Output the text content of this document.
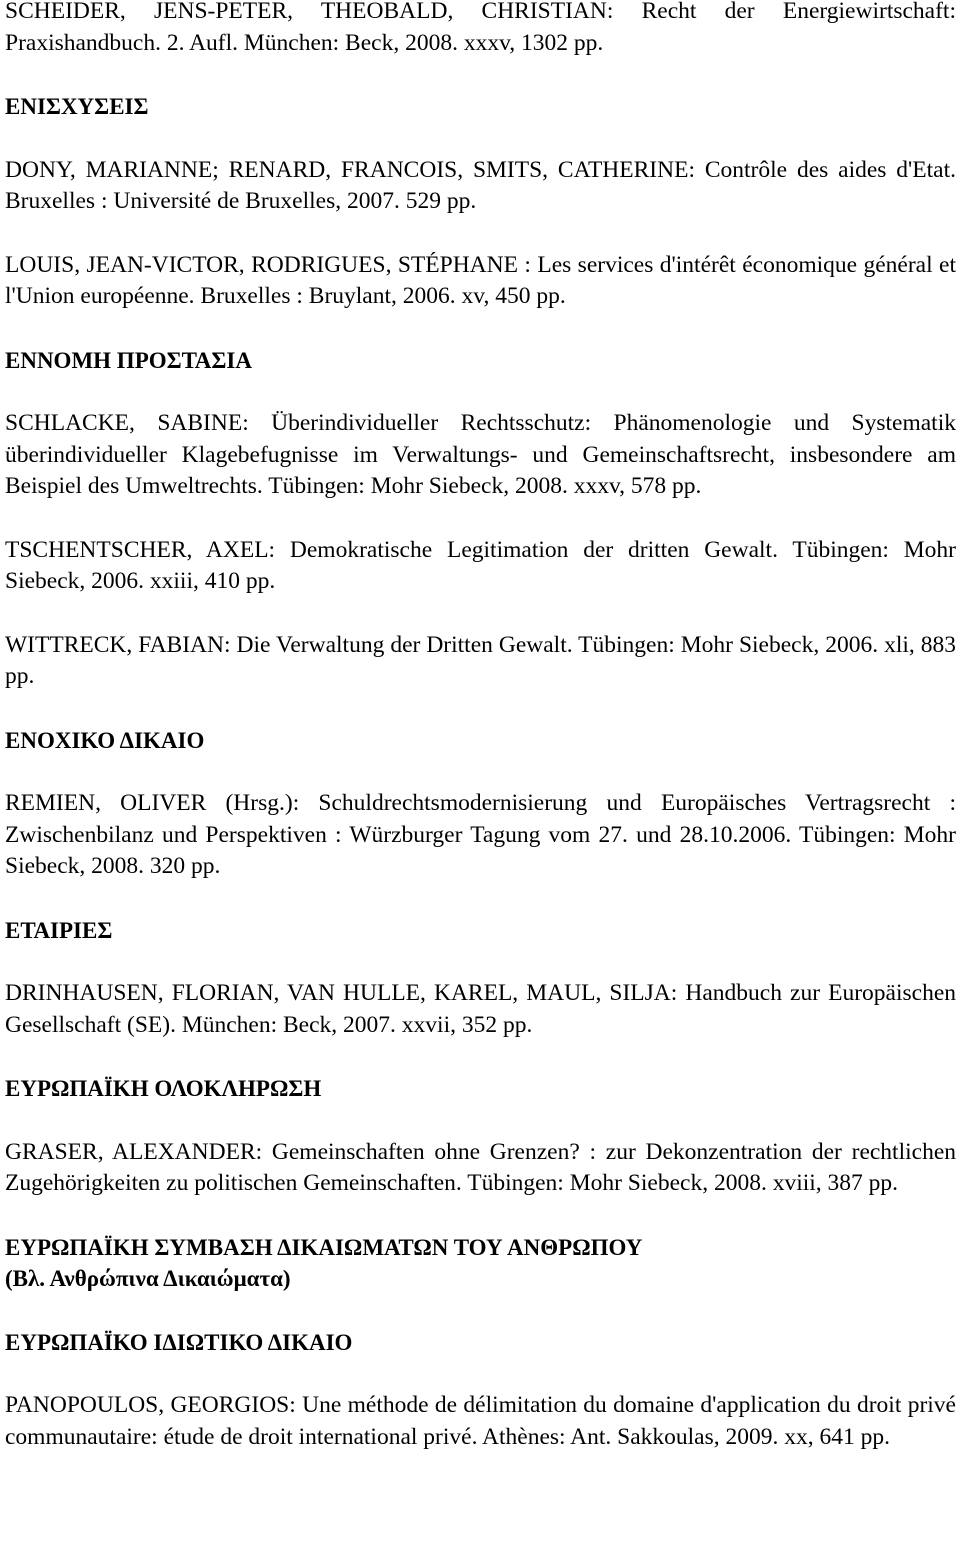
SCHEIDER, JENS-PETER, THEOBALD, CHRISTIAN: Recht der Energiewirtschaft: Praxishandbuch. 2. Aufl. München: Beck, 2008. xxxv, 1302 pp.

ΕΝΙΣΧΥΣΕΙΣ

DONY, MARIANNE; RENARD, FRANCOIS, SMITS, CATHERINE: Contrôle des aides d'Etat. Bruxelles : Université de Bruxelles, 2007. 529 pp.

LOUIS, JEAN-VICTOR, RODRIGUES, STÉPHANE : Les services d'intérêt économique général et l'Union européenne. Bruxelles : Bruylant, 2006. xv, 450 pp.

ΕΝΝΟΜΗ ΠΡΟΣΤΑΣΙΑ

SCHLACKE, SABINE: Überindividueller Rechtsschutz: Phänomenologie und Systematik überindividueller Klagebefugnisse im Verwaltungs- und Gemeinschaftsrecht, insbesondere am Beispiel des Umweltrechts. Tübingen: Mohr Siebeck, 2008. xxxv, 578 pp.

TSCHENTSCHER, AXEL: Demokratische Legitimation der dritten Gewalt. Tübingen: Mohr Siebeck, 2006. xxiii, 410 pp.

WITTRECK, FABIAN: Die Verwaltung der Dritten Gewalt. Tübingen: Mohr Siebeck, 2006. xli, 883 pp.

ΕΝΟΧΙΚΟ ΔΙΚΑΙΟ

REMIEN, OLIVER (Hrsg.): Schuldrechtsmodernisierung und Europäisches Vertragsrecht : Zwischenbilanz und Perspektiven : Würzburger Tagung vom 27. und 28.10.2006. Tübingen: Mohr Siebeck, 2008. 320 pp.

ΕΤΑΙΡΙΕΣ

DRINHAUSEN, FLORIAN, VAN HULLE, KAREL, MAUL, SILJA: Handbuch zur Europäischen Gesellschaft (SE). München: Beck, 2007. xxvii, 352 pp.

ΕΥΡΩΠΑΪΚΗ ΟΛΟΚΛΗΡΩΣΗ

GRASER, ALEXANDER: Gemeinschaften ohne Grenzen? : zur Dekonzentration der rechtlichen Zugehörigkeiten zu politischen Gemeinschaften. Tübingen: Mohr Siebeck, 2008. xviii, 387 pp.

ΕΥΡΩΠΑΪΚΗ ΣΥΜΒΑΣΗ ΔΙΚΑΙΩΜΑΤΩΝ ΤΟΥ ΑΝΘΡΩΠΟΥ
(Βλ. Ανθρώπινα Δικαιώματα)

ΕΥΡΩΠΑΪΚΟ ΙΔΙΩΤΙΚΟ ΔΙΚΑΙΟ

PANOPOULOS, GEORGIOS: Une méthode de délimitation du domaine d'application du droit privé communautaire: étude de droit international privé. Athènes: Ant. Sakkoulas, 2009. xx, 641 pp.
